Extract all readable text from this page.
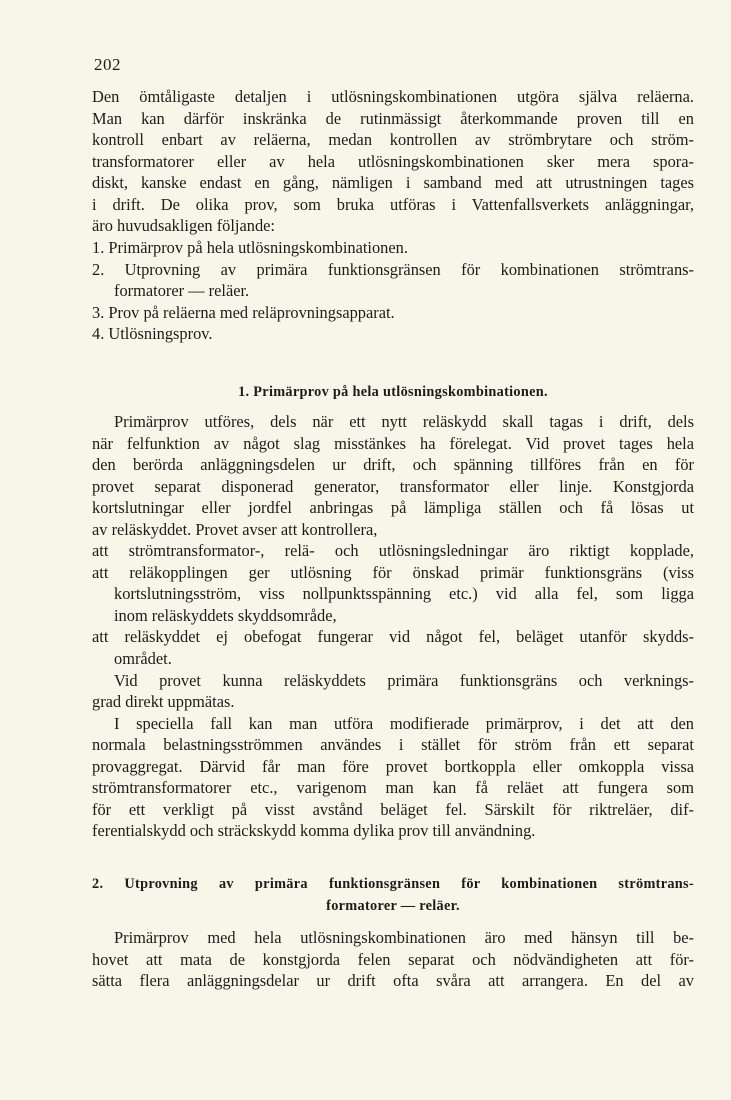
202
Den ömtåligaste detaljen i utlösningskombinationen utgöra själva reläerna.
Man kan därför inskränka de rutinmässigt återkommande proven till en
kontroll enbart av reläerna, medan kontrollen av strömbrytare och ström-
transformatorer eller av hela utlösningskombinationen sker mera spora-
diskt, kanske endast en gång, nämligen i samband med att utrustningen tages
i drift. De olika prov, som bruka utföras i Vattenfallsverkets anläggningar,
äro huvudsakligen följande:
1. Primärprov på hela utlösningskombinationen.
2. Utprovning av primära funktionsgränsen för kombinationen strömtrans-
formatorer — reläer.
3. Prov på reläerna med reläprovningsapparat.
4. Utlösningsprov.
1. Primärprov på hela utlösningskombinationen.
Primärprov utföres, dels när ett nytt reläskydd skall tagas i drift, dels
när felfunktion av något slag misstänkes ha förelegat. Vid provet tages hela
den berörda anläggningsdelen ur drift, och spänning tillföres från en för
provet separat disponerad generator, transformator eller linje. Konstgjorda
kortslutningar eller jordfel anbringas på lämpliga ställen och få lösas ut
av reläskyddet. Provet avser att kontrollera,
att strömtransformator-, relä- och utlösningsledningar äro riktigt kopplade,
att reläkopplingen ger utlösning för önskad primär funktionsgräns (viss
kortslutningsström, viss nollpunktsspänning etc.) vid alla fel, som ligga
inom reläskyddets skyddsområde,
att reläskyddet ej obefogat fungerar vid något fel, beläget utanför skydds-
området.
Vid provet kunna reläskyddets primära funktionsgräns och verknings-
grad direkt uppmätas.
I speciella fall kan man utföra modifierade primärprov, i det att den
normala belastningsströmmen användes i stället för ström från ett separat
provaggregat. Därvid får man före provet bortkoppla eller omkoppla vissa
strömtransformatorer etc., varigenom man kan få reläet att fungera som
för ett verkligt på visst avstånd beläget fel. Särskilt för riktreläer, dif-
ferentialskydd och sträckskydd komma dylika prov till användning.
2. Utprovning av primära funktionsgränsen för kombinationen strömtrans-
formatorer — reläer.
Primärprov med hela utlösningskombinationen äro med hänsyn till be-
hovet att mata de konstgjorda felen separat och nödvändigheten att för-
sätta flera anläggningsdelar ur drift ofta svåra att arrangera. En del av
